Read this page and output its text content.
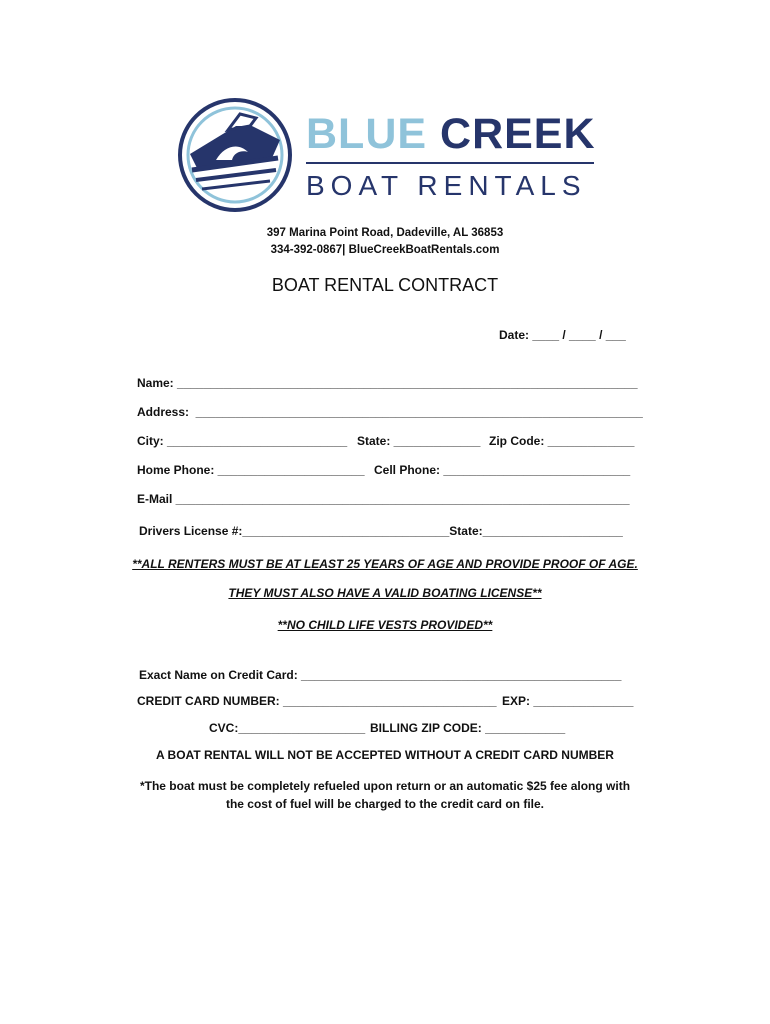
BLUE CREEK
BOAT RENTALS
397 Marina Point Road, Dadeville, AL 36853
334-392-0867| BlueCreekBoatRentals.com
BOAT RENTAL CONTRACT
Date: ____ / ____ / ___
Name: _____________________________________________________________________
Address:  ___________________________________________________________________
City: ___________________________ State: _____________ Zip Code: _____________
Home Phone: ______________________ Cell Phone: ____________________________
E-Mail ____________________________________________________________________
Drivers License #:_______________________________State:_____________________
**ALL RENTERS MUST BE AT LEAST 25 YEARS OF AGE AND PROVIDE PROOF OF AGE.
THEY MUST ALSO HAVE A VALID BOATING LICENSE**
**NO CHILD LIFE VESTS PROVIDED**
Exact Name on Credit Card: ________________________________________________
CREDIT CARD NUMBER: ________________________________ EXP: _______________
CVC:___________________ BILLING ZIP CODE: ____________
A BOAT RENTAL WILL NOT BE ACCEPTED WITHOUT A CREDIT CARD NUMBER
*The boat must be completely refueled upon return or an automatic $25 fee along with
the cost of fuel will be charged to the credit card on file.
